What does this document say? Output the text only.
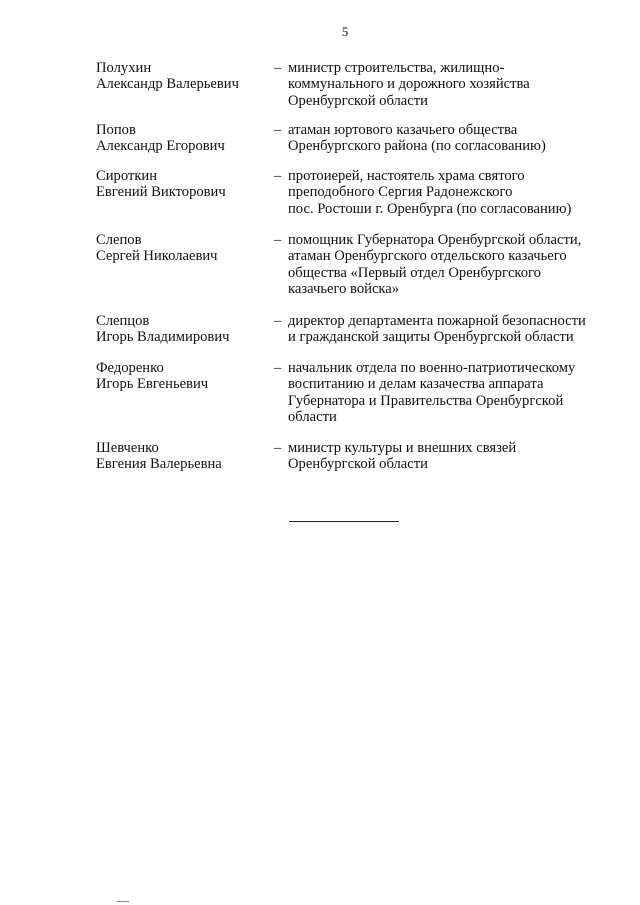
5
Полухин
Александр Валерьевич
– министр строительства, жилищно-
коммунального и дорожного хозяйства
Оренбургской области
Попов
Александр Егорович
– атаман юртового казачьего общества
Оренбургского района (по согласованию)
Сироткин
Евгений Викторович
– протоиерей, настоятель храма святого
преподобного Сергия Радонежского
пос. Ростоши г. Оренбурга (по согласованию)
Слепов
Сергей Николаевич
– помощник Губернатора Оренбургской области,
атаман Оренбургского отдельского казачьего
общества «Первый отдел Оренбургского
казачьего войска»
Слепцов
Игорь Владимирович
– директор департамента пожарной безопасности
и гражданской защиты Оренбургской области
Федоренко
Игорь Евгеньевич
– начальник отдела по военно-патриотическому
воспитанию и делам казачества аппарата
Губернатора и Правительства Оренбургской
области
Шевченко
Евгения Валерьевна
– министр культуры и внешних связей
Оренбургской области
